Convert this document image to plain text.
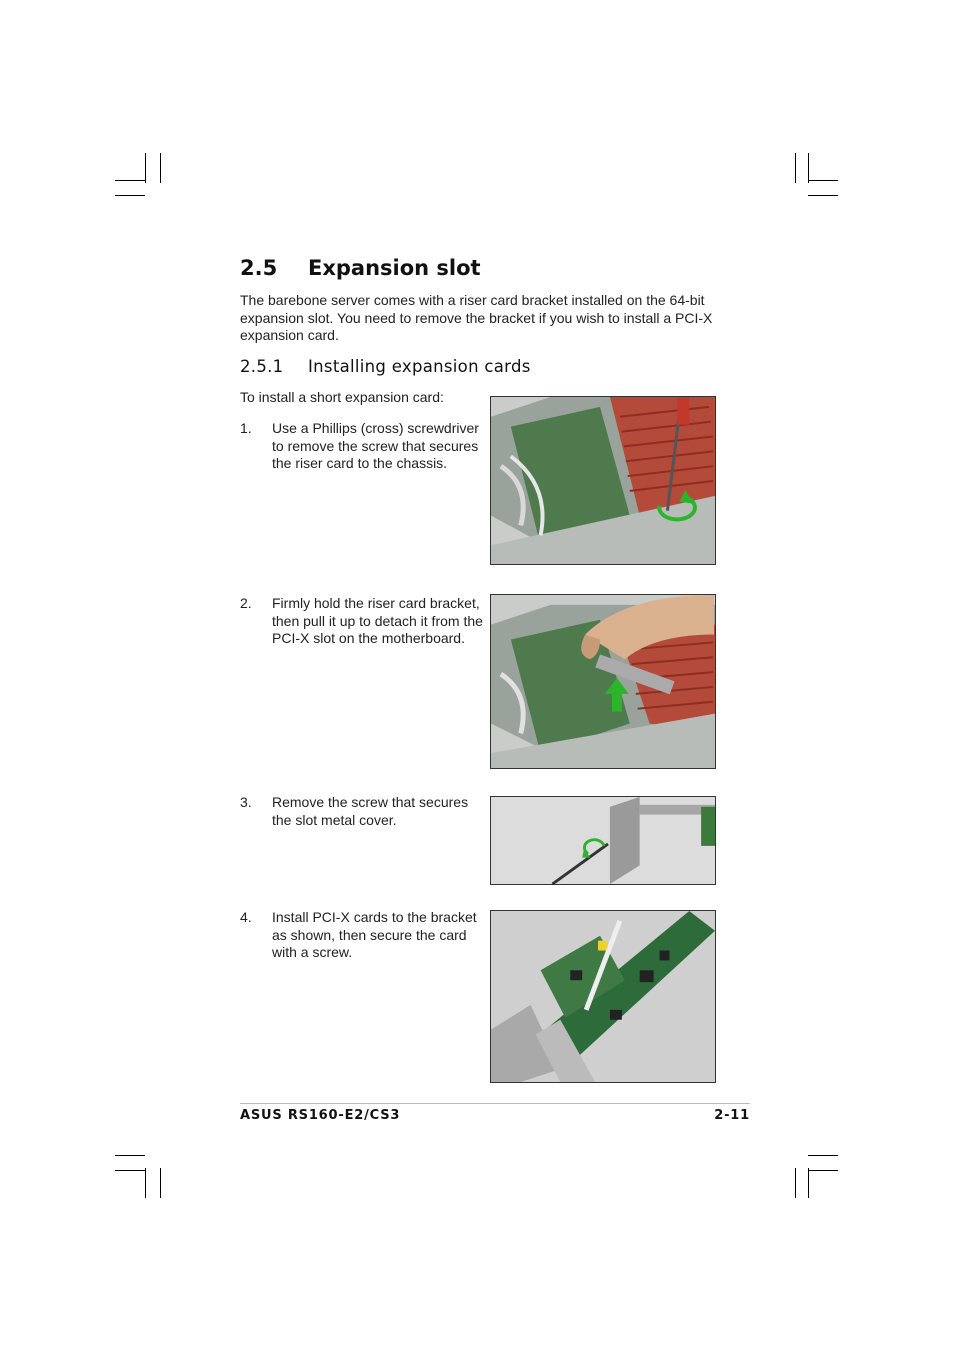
2.5 Expansion slot

The barebone server comes with a riser card bracket installed on the 64-bit expansion slot. You need to remove the bracket if you wish to install a PCI-X expansion card.

2.5.1 Installing expansion cards

To install a short expansion card:

1. Use a Phillips (cross) screwdriver to remove the screw that secures the riser card to the chassis.
2. Firmly hold the riser card bracket, then pull it up to detach it from the PCI-X slot on the motherboard.
3. Remove the screw that secures the slot metal cover.
4. Install PCI-X cards to the bracket as shown, then secure the card with a screw.

ASUS RS160-E2/CS3	2-11
